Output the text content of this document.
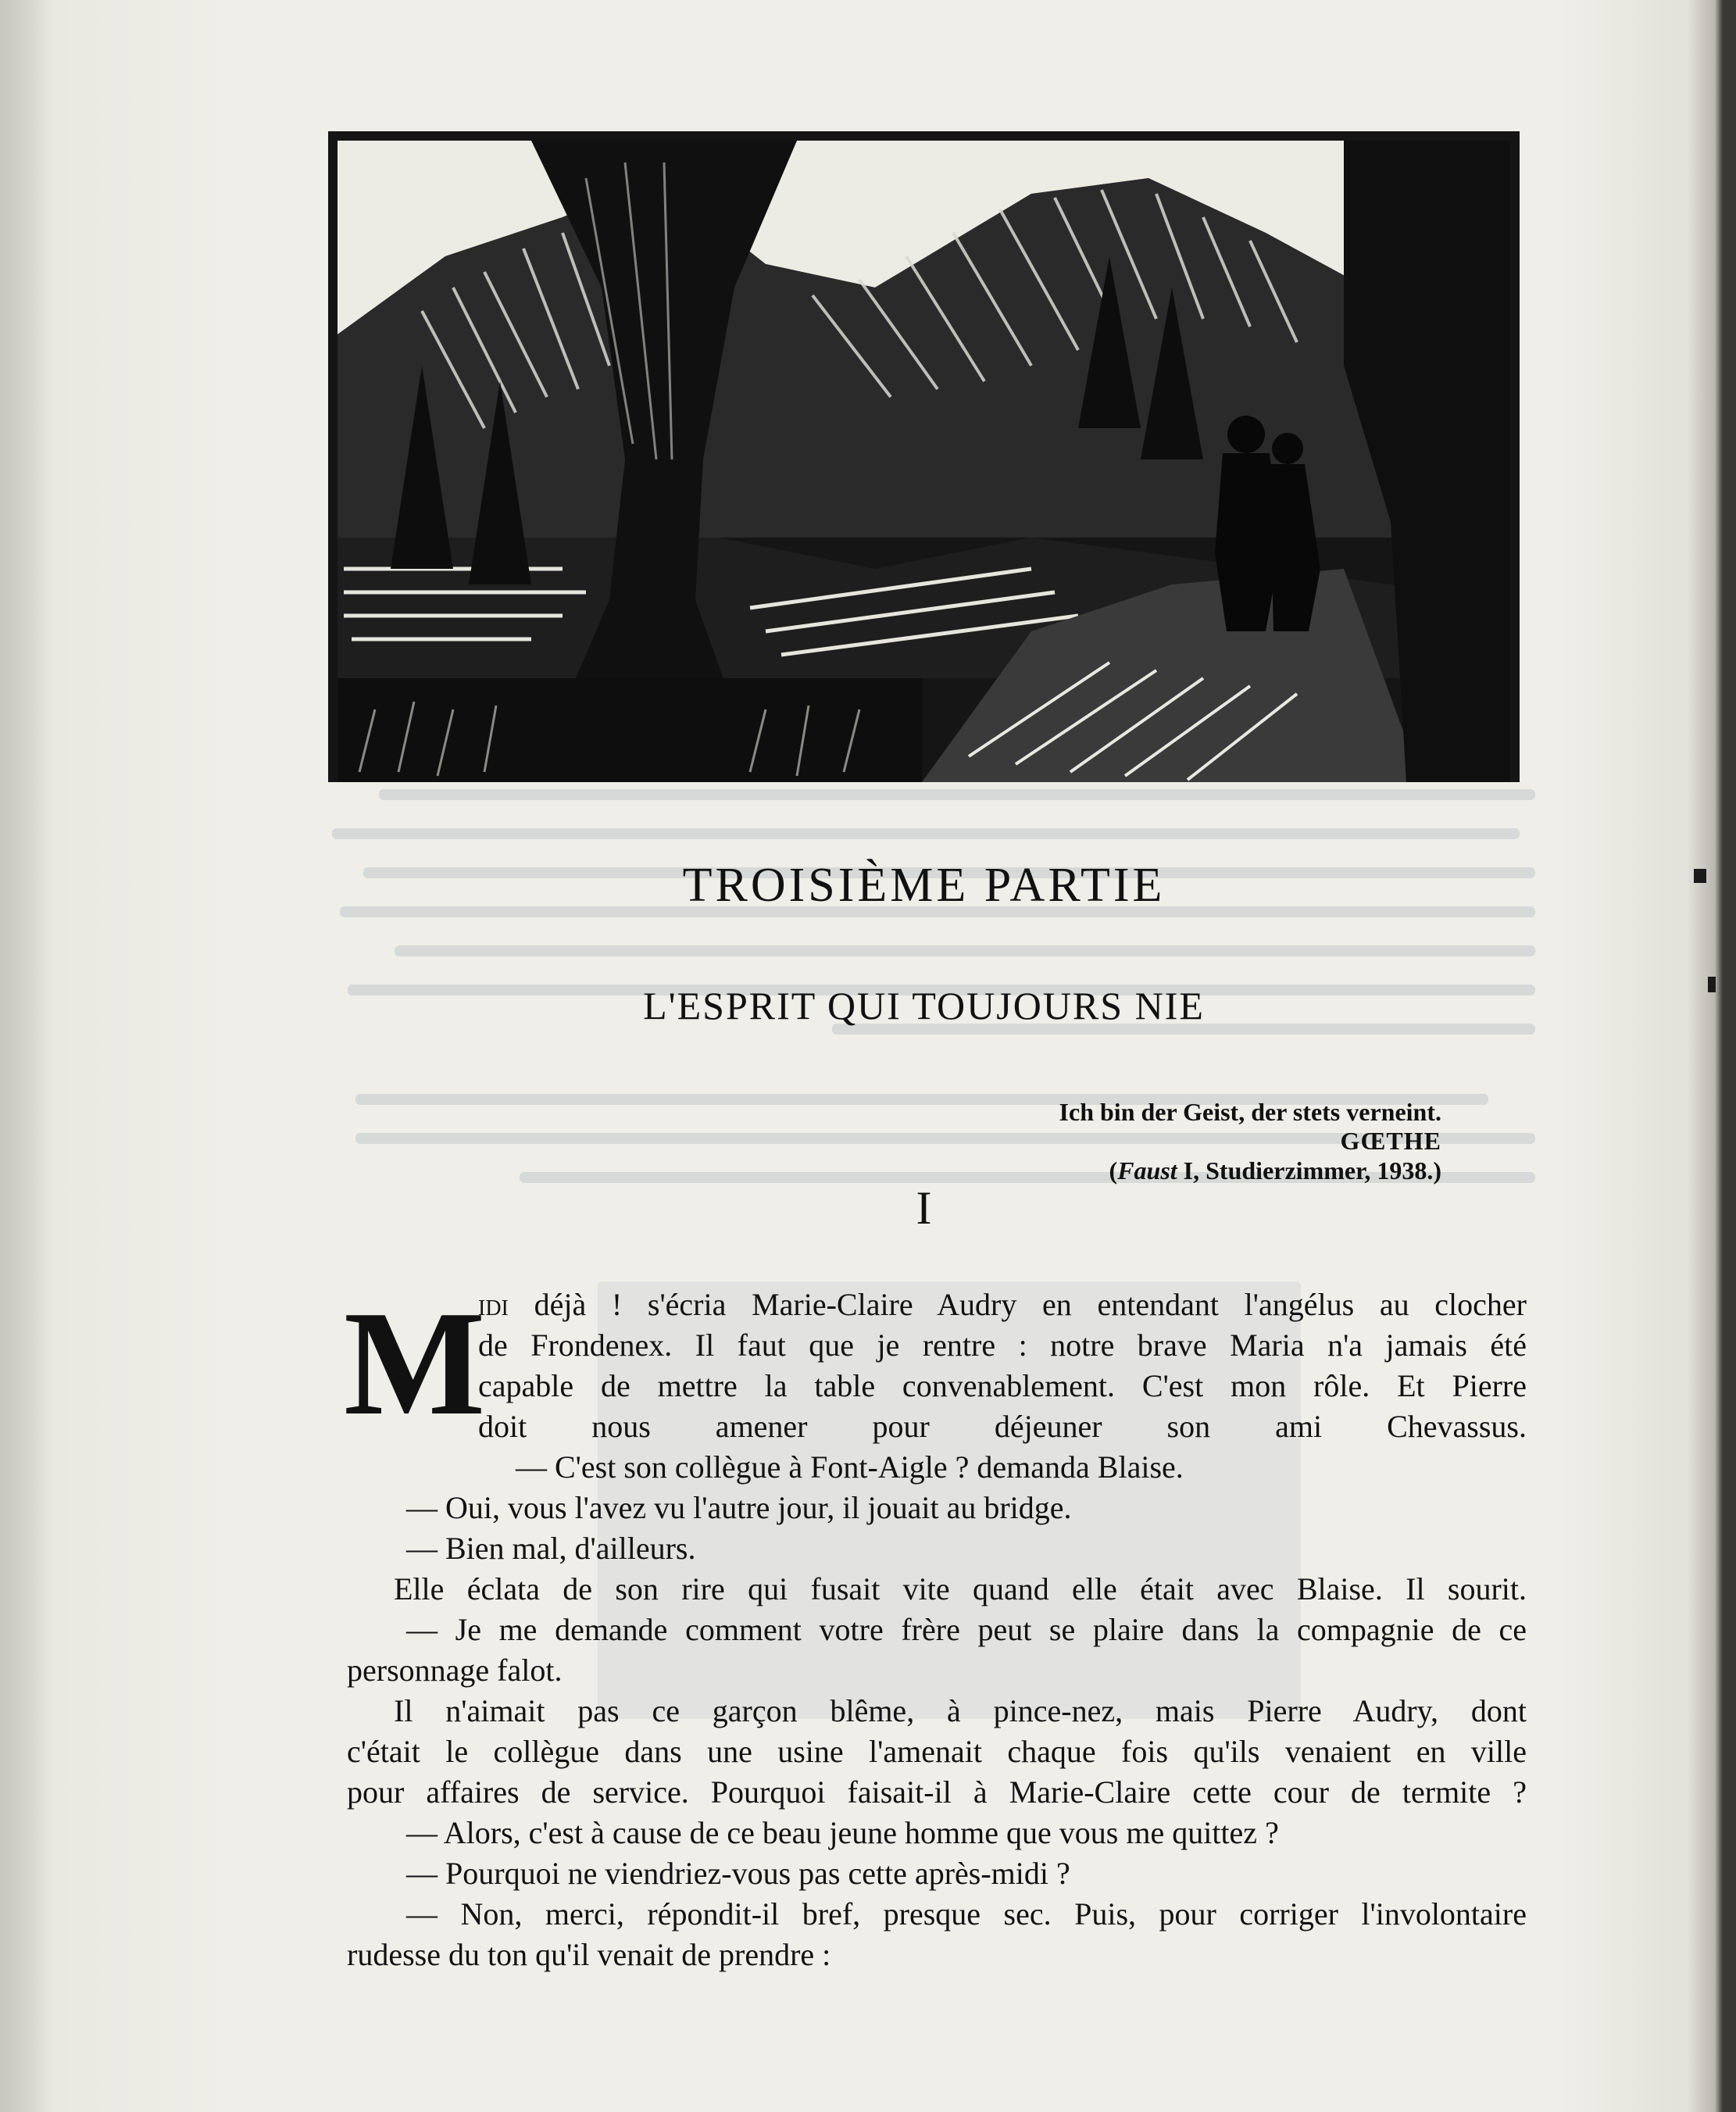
TROISIÈME PARTIE
L'ESPRIT QUI TOUJOURS NIE

Ich bin der Geist, der stets verneint.

GŒTHE

(Faust I, Studierzimmer, 1938.)

I
M

idi déjà ! s'écria Marie-Claire Audry en entendant l'angélus au clocher

de Frondenex. Il faut que je rentre : notre brave Maria n'a jamais été

capable de mettre la table convenablement. C'est mon rôle. Et Pierre

doit nous amener pour déjeuner son ami Chevassus.

— C'est son collègue à Font-Aigle ? demanda Blaise.

— Oui, vous l'avez vu l'autre jour, il jouait au bridge.

— Bien mal, d'ailleurs.

Elle éclata de son rire qui fusait vite quand elle était avec Blaise. Il sourit.

— Je me demande comment votre frère peut se plaire dans la compagnie de ce

personnage falot.

Il n'aimait pas ce garçon blême, à pince-nez, mais Pierre Audry, dont

c'était le collègue dans une usine l'amenait chaque fois qu'ils venaient en ville

pour affaires de service. Pourquoi faisait-il à Marie-Claire cette cour de termite ?

— Alors, c'est à cause de ce beau jeune homme que vous me quittez ?

— Pourquoi ne viendriez-vous pas cette après-midi ?

— Non, merci, répondit-il bref, presque sec. Puis, pour corriger l'involontaire

rudesse du ton qu'il venait de prendre :
